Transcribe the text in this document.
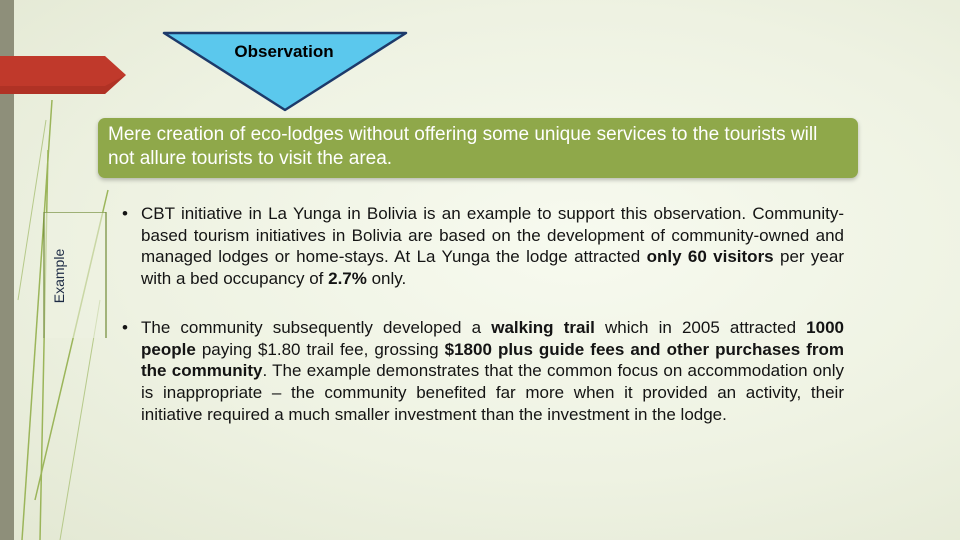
Observation
Mere creation of eco-lodges without offering some unique services to the tourists will not allure tourists to visit the area.
Example
• CBT initiative in La Yunga in Bolivia is an example to support this observation. Community-based tourism initiatives in Bolivia are based on the development of community-owned and managed lodges or home-stays. At La Yunga the lodge attracted only 60 visitors per year with a bed occupancy of 2.7% only.
• The community subsequently developed a walking trail which in 2005 attracted 1000 people paying $1.80 trail fee, grossing $1800 plus guide fees and other purchases from the community. The example demonstrates that the common focus on accommodation only is inappropriate – the community benefited far more when it provided an activity, their initiative required a much smaller investment than the investment in the lodge.
